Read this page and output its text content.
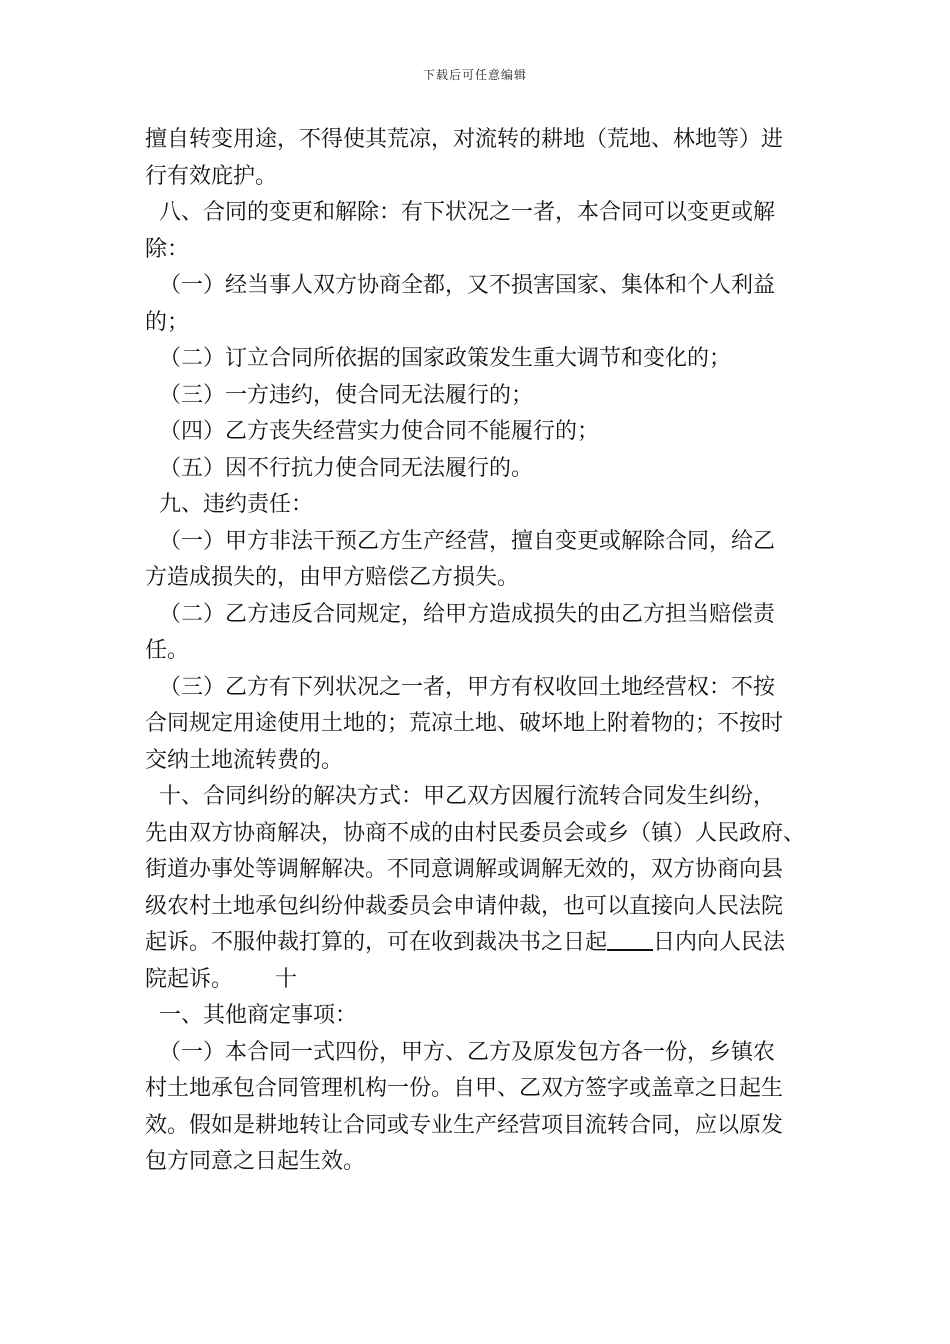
下载后可任意编辑
擅自转变用途，不得使其荒凉，对流转的耕地（荒地、林地等）进
行有效庇护。
八、合同的变更和解除：有下状况之一者，本合同可以变更或解
除：
（一）经当事人双方协商全都，又不损害国家、集体和个人利益
的；
（二）订立合同所依据的国家政策发生重大调节和变化的；
（三）一方违约，使合同无法履行的；
（四）乙方丧失经营实力使合同不能履行的；
（五）因不行抗力使合同无法履行的。
九、违约责任：
（一）甲方非法干预乙方生产经营，擅自变更或解除合同，给乙
方造成损失的，由甲方赔偿乙方损失。
（二）乙方违反合同规定，给甲方造成损失的由乙方担当赔偿责
任。
（三）乙方有下列状况之一者，甲方有权收回土地经营权：不按
合同规定用途使用土地的；荒凉土地、破坏地上附着物的；不按时
交纳土地流转费的。
十、合同纠纷的解决方式：甲乙双方因履行流转合同发生纠纷，
先由双方协商解决，协商不成的由村民委员会或乡（镇）人民政府、
街道办事处等调解解决。不同意调解或调解无效的，双方协商向县
级农村土地承包纠纷仲裁委员会申请仲裁，也可以直接向人民法院
起诉。不服仲裁打算的，可在收到裁决书之日起 日内向人民法
院起诉。      十
一、其他商定事项：
（一）本合同一式四份，甲方、乙方及原发包方各一份，乡镇农
村土地承包合同管理机构一份。自甲、乙双方签字或盖章之日起生
效。假如是耕地转让合同或专业生产经营项目流转合同，应以原发
包方同意之日起生效。
